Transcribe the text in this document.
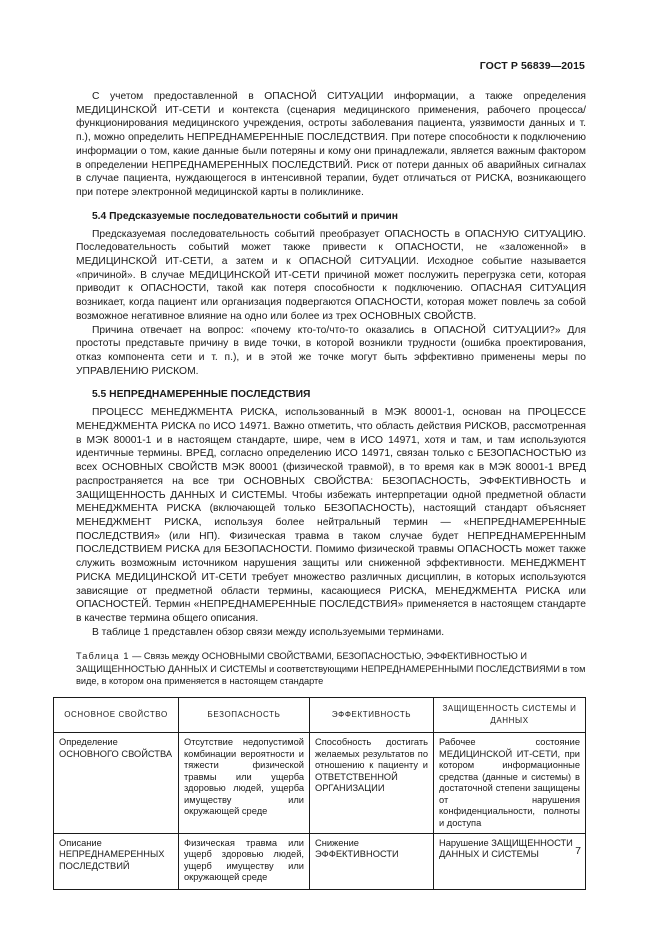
ГОСТ Р 56839—2015

С учетом предоставленной в ОПАСНОЙ СИТУАЦИИ информации, а также определения МЕДИЦИНСКОЙ ИТ-СЕТИ и контекста (сценария медицинского применения, рабочего процесса/функционирования медицинского учреждения, остроты заболевания пациента, уязвимости данных и т. п.), можно определить НЕПРЕДНАМЕРЕННЫЕ ПОСЛЕДСТВИЯ. При потере способности к подключению информации о том, какие данные были потеряны и кому они принадлежали, является важным фактором в определении НЕПРЕДНАМЕРЕННЫХ ПОСЛЕДСТВИЙ. Риск от потери данных об аварийных сигналах в случае пациента, нуждающегося в интенсивной терапии, будет отличаться от РИСКА, возникающего при потере электронной медицинской карты в поликлинике.

5.4 Предсказуемые последовательности событий и причин

Предсказуемая последовательность событий преобразует ОПАСНОСТЬ в ОПАСНУЮ СИТУАЦИЮ. Последовательность событий может также привести к ОПАСНОСТИ, не «заложенной» в МЕДИЦИНСКОЙ ИТ-СЕТИ, а затем и к ОПАСНОЙ СИТУАЦИИ. Исходное событие называется «причиной». В случае МЕДИЦИНСКОЙ ИТ-СЕТИ причиной может послужить перегрузка сети, которая приводит к ОПАСНОСТИ, такой как потеря способности к подключению. ОПАСНАЯ СИТУАЦИЯ возникает, когда пациент или организация подвергаются ОПАСНОСТИ, которая может повлечь за собой возможное негативное влияние на одно или более из трех ОСНОВНЫХ СВОЙСТВ.

Причина отвечает на вопрос: «почему кто-то/что-то оказались в ОПАСНОЙ СИТУАЦИИ?» Для простоты представьте причину в виде точки, в которой возникли трудности (ошибка проектирования, отказ компонента сети и т. п.), и в этой же точке могут быть эффективно применены меры по УПРАВЛЕНИЮ РИСКОМ.

5.5 НЕПРЕДНАМЕРЕННЫЕ ПОСЛЕДСТВИЯ

ПРОЦЕСС МЕНЕДЖМЕНТА РИСКА, использованный в МЭК 80001-1, основан на ПРОЦЕССЕ МЕНЕДЖМЕНТА РИСКА по ИСО 14971. Важно отметить, что область действия РИСКОВ, рассмотренная в МЭК 80001-1 и в настоящем стандарте, шире, чем в ИСО 14971, хотя и там, и там используются идентичные термины. ВРЕД, согласно определению ИСО 14971, связан только с БЕЗОПАСНОСТЬЮ из всех ОСНОВНЫХ СВОЙСТВ МЭК 80001 (физической травмой), в то время как в МЭК 80001-1 ВРЕД распространяется на все три ОСНОВНЫХ СВОЙСТВА: БЕЗОПАСНОСТЬ, ЭФФЕКТИВНОСТЬ и ЗАЩИЩЕННОСТЬ ДАННЫХ И СИСТЕМЫ. Чтобы избежать интерпретации одной предметной области МЕНЕДЖМЕНТА РИСКА (включающей только БЕЗОПАСНОСТЬ), настоящий стандарт объясняет МЕНЕДЖМЕНТ РИСКА, используя более нейтральный термин — «НЕПРЕДНАМЕРЕННЫЕ ПОСЛЕДСТВИЯ» (или НП). Физическая травма в таком случае будет НЕПРЕДНАМЕРЕННЫМ ПОСЛЕДСТВИЕМ РИСКА для БЕЗОПАСНОСТИ. Помимо физической травмы ОПАСНОСТЬ может также служить возможным источником нарушения защиты или сниженной эффективности. МЕНЕДЖМЕНТ РИСКА МЕДИЦИНСКОЙ ИТ-СЕТИ требует множество различных дисциплин, в которых используются зависящие от предметной области термины, касающиеся РИСКА, МЕНЕДЖМЕНТА РИСКА или ОПАСНОСТЕЙ. Термин «НЕПРЕДНАМЕРЕННЫЕ ПОСЛЕДСТВИЯ» применяется в настоящем стандарте в качестве термина общего описания.

В таблице 1 представлен обзор связи между используемыми терминами.

Таблица 1 — Связь между ОСНОВНЫМИ СВОЙСТВАМИ, БЕЗОПАСНОСТЬЮ, ЭФФЕКТИВНОСТЬЮ И ЗАЩИЩЕННОСТЬЮ ДАННЫХ И СИСТЕМЫ и соответствующими НЕПРЕДНАМЕРЕННЫМИ ПОСЛЕДСТВИЯМИ в том виде, в котором она применяется в настоящем стандарте

ОСНОВНОЕ СВОЙСТВО	БЕЗОПАСНОСТЬ	ЭФФЕКТИВНОСТЬ	ЗАЩИЩЕННОСТЬ СИСТЕМЫ И ДАННЫХ
Определение ОСНОВНОГО СВОЙСТВА	Отсутствие недопустимой комбинации вероятности и тяжести физической травмы или ущерба здоровью людей, ущерба имуществу или окружающей среде	Способность достигать желаемых результатов по отношению к пациенту и ОТВЕТСТВЕННОЙ ОРГАНИЗАЦИИ	Рабочее состояние МЕДИЦИНСКОЙ ИТ-СЕТИ, при котором информационные средства (данные и системы) в достаточной степени защищены от нарушения конфиденциальности, полноты и доступа
Описание НЕПРЕДНАМЕРЕННЫХ ПОСЛЕДСТВИЙ	Физическая травма или ущерб здоровью людей, ущерб имуществу или окружающей среде	Снижение ЭФФЕКТИВНОСТИ	Нарушение ЗАЩИЩЕННОСТИ ДАННЫХ И СИСТЕМЫ	7
